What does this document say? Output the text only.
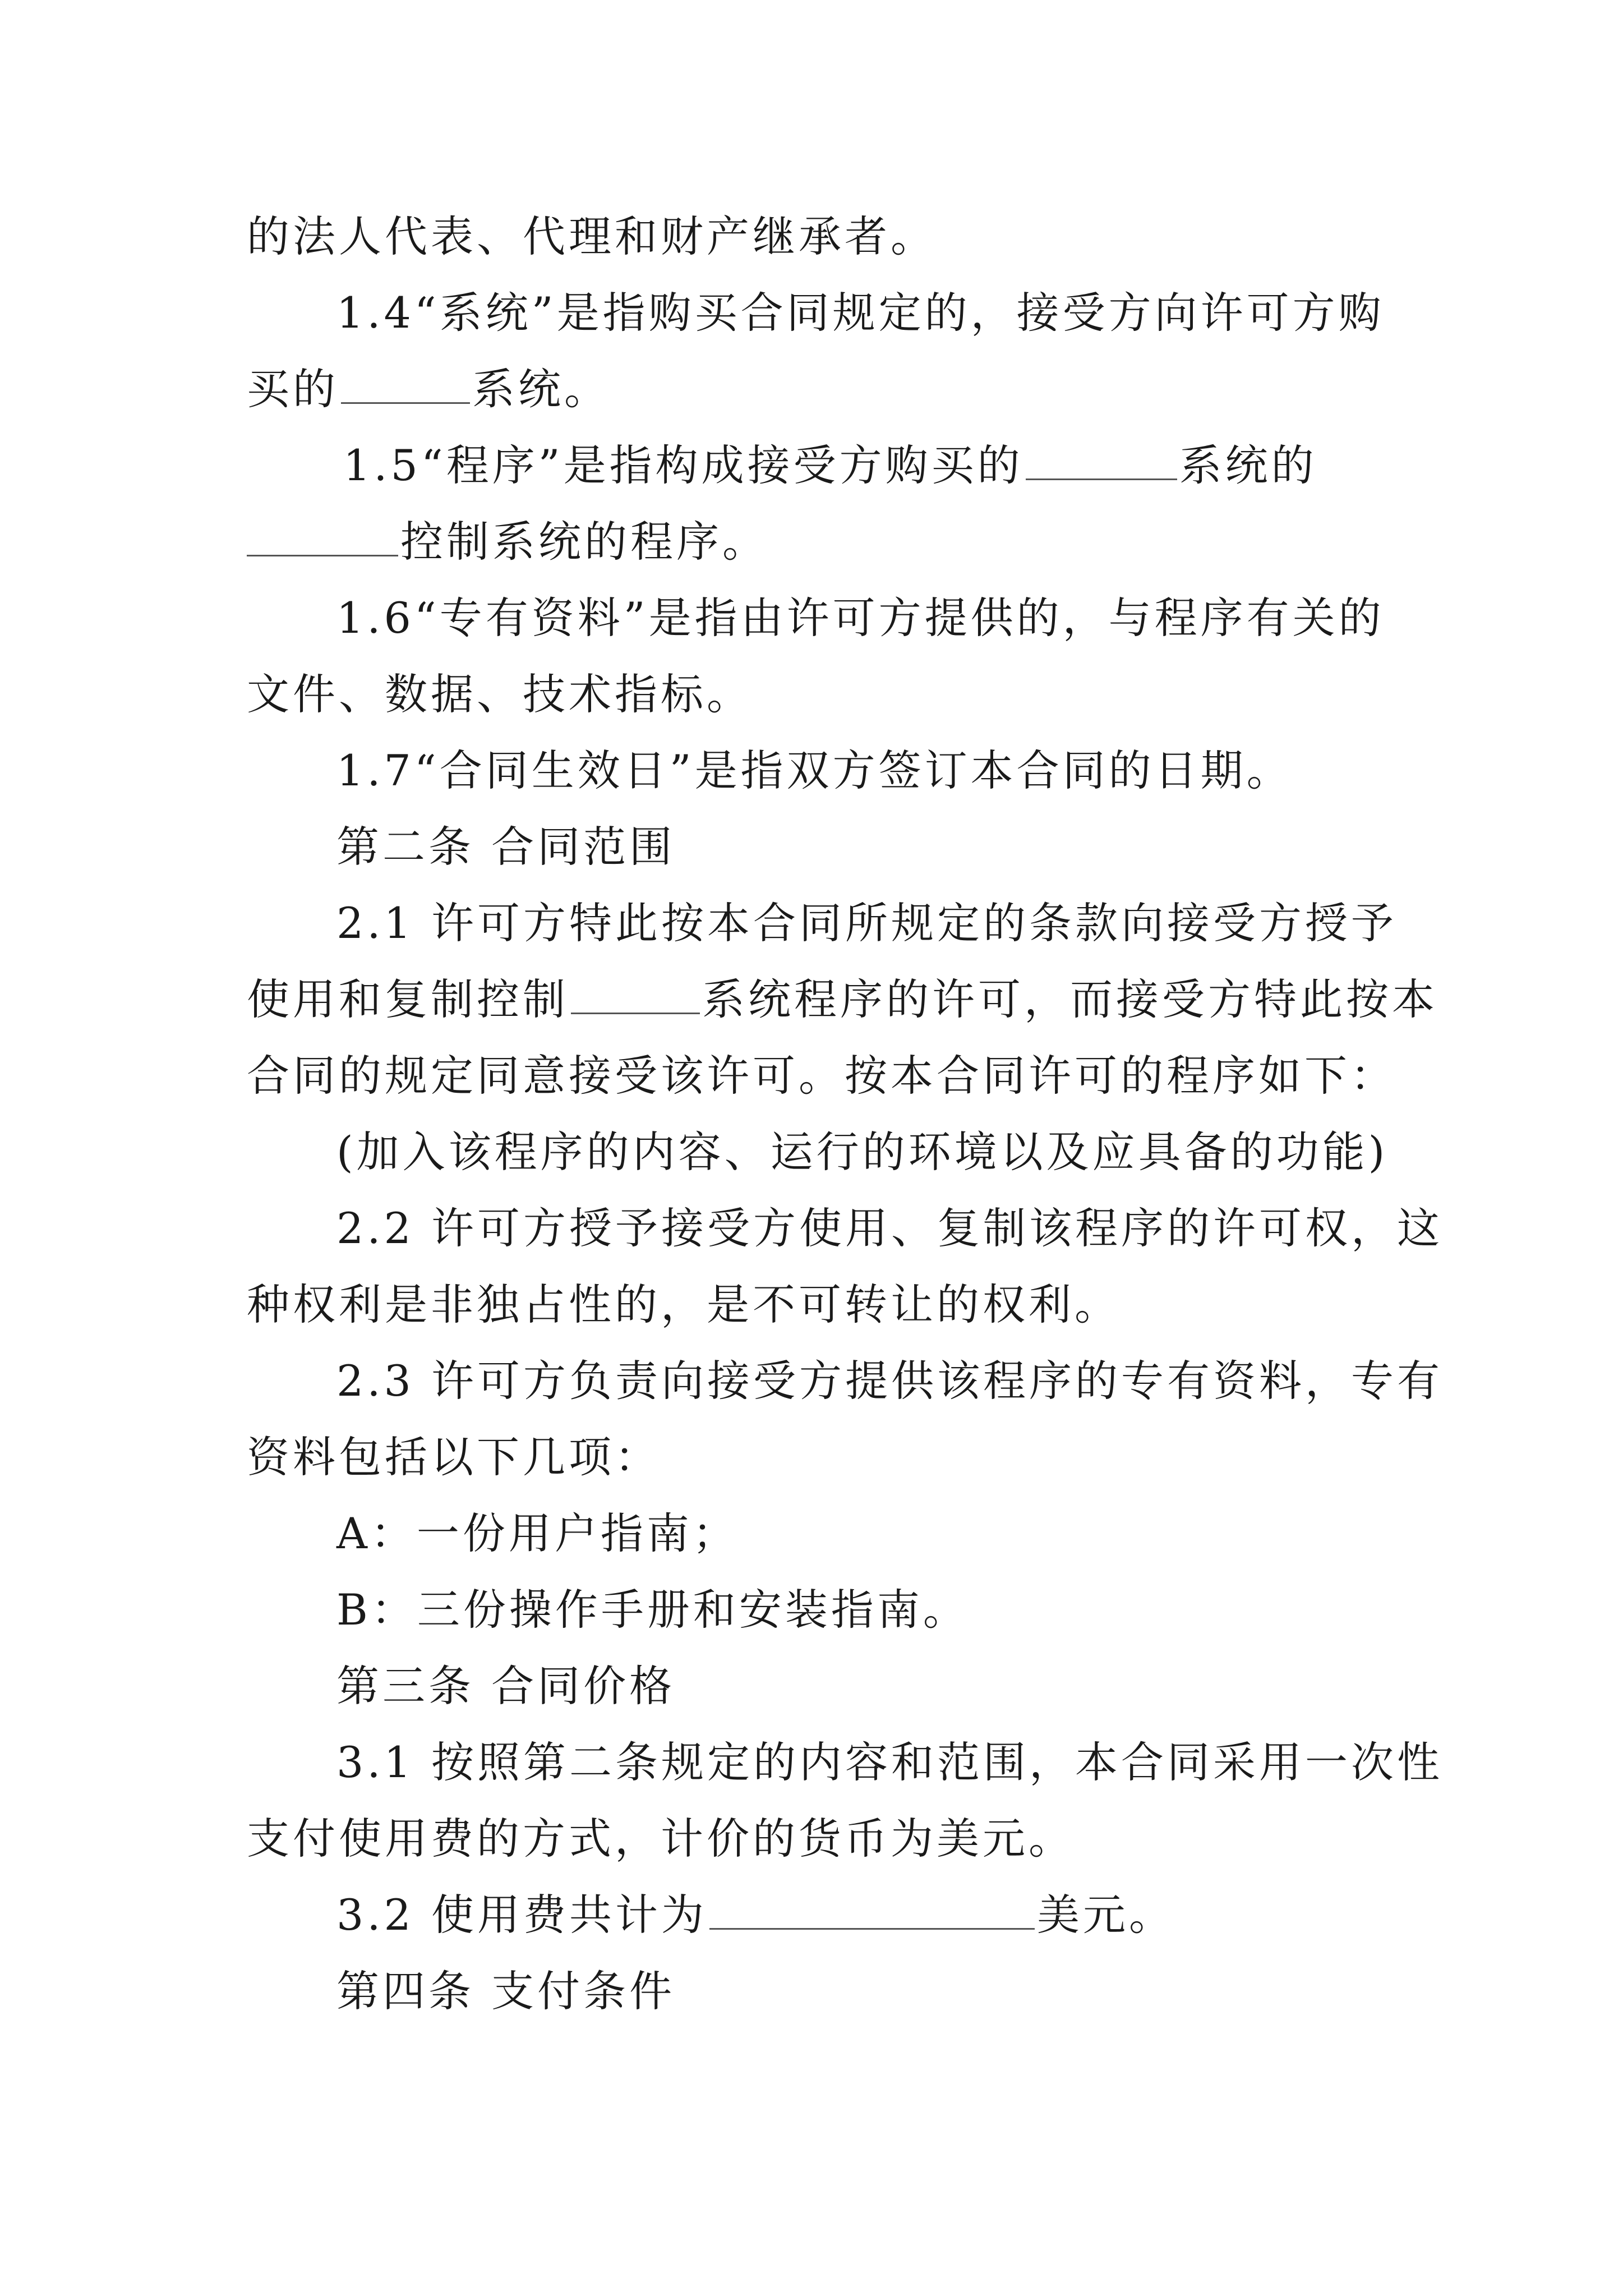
的法人代表、代理和财产继承者。
1.4“系统”是指购买合同规定的，接受方向许可方购
买的	系统。
1.5“程序”是指构成接受方购买的	系统的
控制系统的程序。
1.6“专有资料”是指由许可方提供的，与程序有关的
文件、数据、技术指标。
1.7“合同生效日”是指双方签订本合同的日期。
第二条 合同范围
2.1 许可方特此按本合同所规定的条款向接受方授予
使用和复制控制	系统程序的许可，而接受方特此按本
合同的规定同意接受该许可。按本合同许可的程序如下：
(加入该程序的内容、运行的环境以及应具备的功能)
2.2 许可方授予接受方使用、复制该程序的许可权，这
种权利是非独占性的，是不可转让的权利。
2.3 许可方负责向接受方提供该程序的专有资料，专有
资料包括以下几项：
A：一份用户指南；
B：三份操作手册和安装指南。
第三条 合同价格
3.1 按照第二条规定的内容和范围，本合同采用一次性
支付使用费的方式，计价的货币为美元。
3.2 使用费共计为	美元。
第四条 支付条件
